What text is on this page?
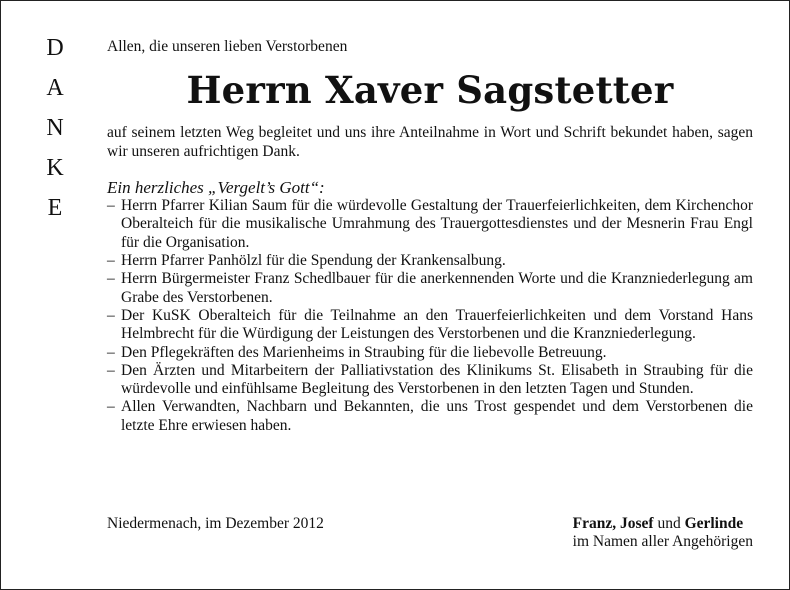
D
A
N
K
E

Allen, die unseren lieben Verstorbenen

Herrn Xaver Sagstetter

auf seinem letzten Weg begleitet und uns ihre Anteilnahme in Wort und Schrift bekundet haben, sagen wir unseren aufrichtigen Dank.

Ein herzliches „Vergelt’s Gott“:

– Herrn Pfarrer Kilian Saum für die würdevolle Gestaltung der Trauerfeierlichkeiten, dem Kirchenchor Oberalteich für die musikalische Umrahmung des Trauergottesdienstes und der Mesnerin Frau Engl für die Organisation.
– Herrn Pfarrer Panhölzl für die Spendung der Krankensalbung.
– Herrn Bürgermeister Franz Schedlbauer für die anerkennenden Worte und die Kranzniederlegung am Grabe des Verstorbenen.
– Der KuSK Oberalteich für die Teilnahme an den Trauerfeierlichkeiten und dem Vorstand Hans Helmbrecht für die Würdigung der Leistungen des Verstorbenen und die Kranzniederlegung.
– Den Pflegekräften des Marienheims in Straubing für die liebevolle Betreuung.
– Den Ärzten und Mitarbeitern der Palliativstation des Klinikums St. Elisabeth in Straubing für die würdevolle und einfühlsame Begleitung des Verstorbenen in den letzten Tagen und Stunden.
– Allen Verwandten, Nachbarn und Bekannten, die uns Trost gespendet und dem Verstorbenen die letzte Ehre erwiesen haben.
Niedermenach, im Dezember 2012	Franz, Josef und Gerlinde
im Namen aller Angehörigen
